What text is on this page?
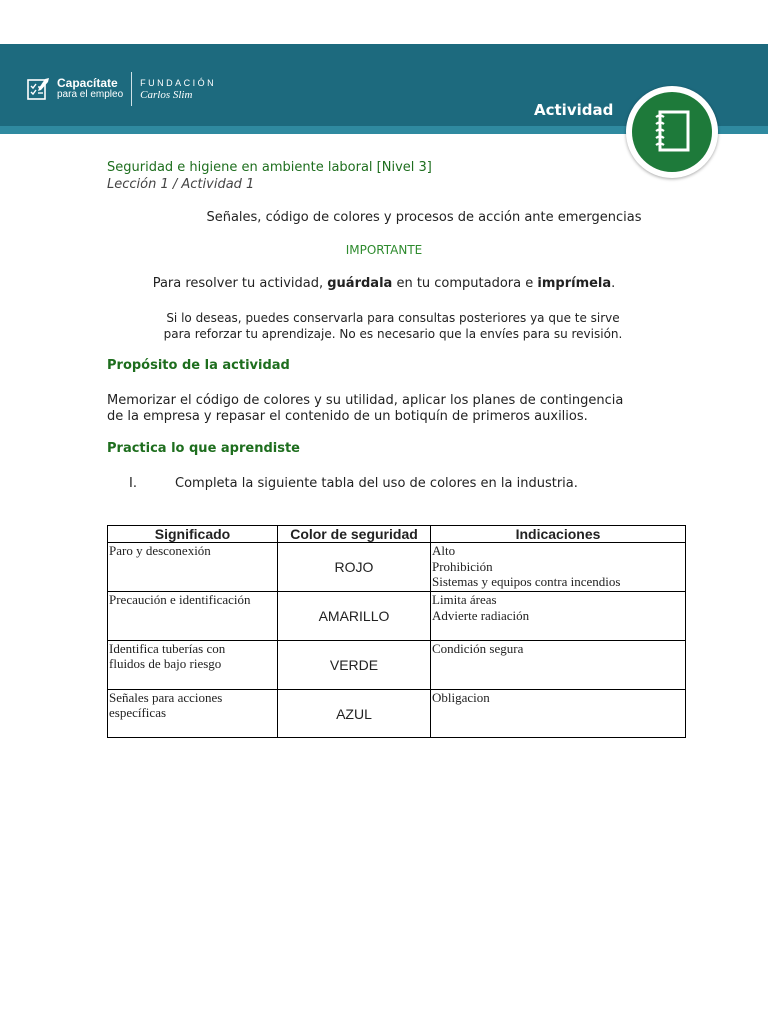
Capacítate
para el empleo
FUNDACIÓN
Carlos Slim
Actividad
Seguridad e higiene en ambiente laboral [Nivel 3]
Lección 1 / Actividad 1
Señales, código de colores y procesos de acción ante emergencias
IMPORTANTE
Para resolver tu actividad, guárdala en tu computadora e imprímela.
Si lo deseas, puedes conservarla para consultas posteriores ya que te sirve
para reforzar tu aprendizaje. No es necesario que la envíes para su revisión.
Propósito de la actividad
Memorizar el código de colores y su utilidad, aplicar los planes de contingencia
de la empresa y repasar el contenido de un botiquín de primeros auxilios.
Practica lo que aprendiste
I.	Completa la siguiente tabla del uso de colores en la industria.
Significado	Color de seguridad	Indicaciones

Paro y desconexión	ROJO	Alto
Prohibición
Sistemas y equipos contra incendios

Precaución e identificación	AMARILLO	Limita áreas
Advierte radiación

Identifica tuberías con
fluidos de bajo riesgo	VERDE	Condición segura

Señales para acciones
específicas	AZUL	Obligacion
